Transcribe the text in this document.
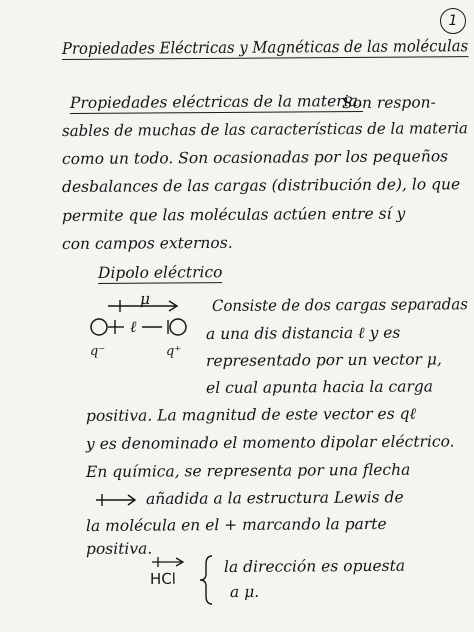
1
Propiedades Eléctricas y Magnéticas de las moléculas
Propiedades eléctricas de la materia.
Son respon-
sables de muchas de las características de la materia
como un todo. Son ocasionadas por los pequeños
desbalances de las cargas (distribución de), lo que
permite que las moléculas actúen entre sí y
con campos externos.
Dipolo eléctrico
μ
ℓ
q⁻	q⁺
Consiste de dos cargas separadas
a una dis distancia ℓ y es
representado por un vector μ,
el cual apunta hacia la carga
positiva. La magnitud de este vector es qℓ
y es denominado el momento dipolar eléctrico.
En química, se representa por una flecha
añadida a la estructura Lewis de
la molécula en el + marcando la parte
positiva.
HCl
la dirección es opuesta
a μ.
